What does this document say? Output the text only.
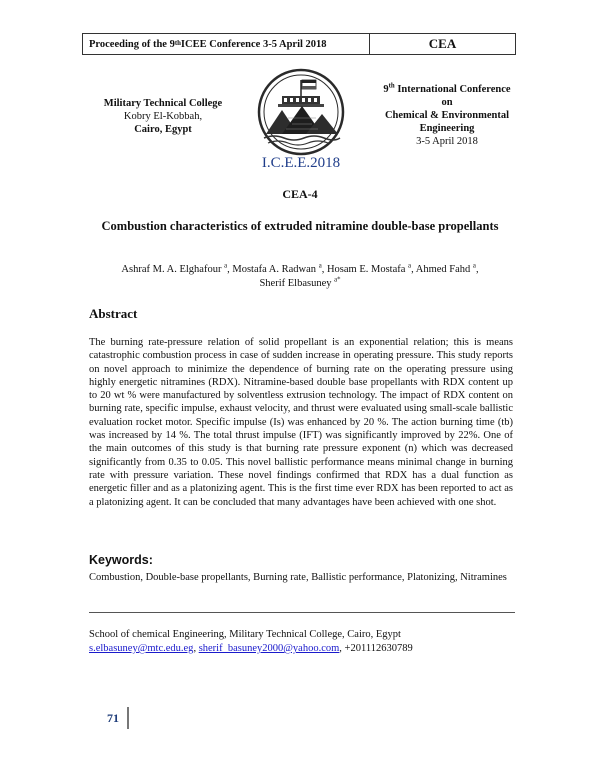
Proceeding of the 9 th ICEE Conference 3-5 April 2018	CEA
Military Technical College
Kobry El-Kobbah,
Cairo, Egypt
I.C.E.E.2018
9th International Conference
on
Chemical & Environmental
Engineering
3-5 April 2018
CEA-4
Combustion characteristics of extruded nitramine double-base propellants
Ashraf M. A. Elghafour $^a$, Mostafa A. Radwan $^a$, Hosam E. Mostafa $^a$, Ahmed Fahd $^a$,
Sherif Elbasuney $^{a*}$
Abstract
The burning rate-pressure relation of solid propellant is an exponential relation; this is means catastrophic combustion process in case of sudden increase in operating pressure. This study reports on novel approach to minimize the dependence of burning rate on the operating pressure using highly energetic nitramines (RDX). Nitramine-based double base propellants with RDX content up to 20 wt % were manufactured by solventless extrusion technology. The impact of RDX content on burning rate, specific impulse, exhaust velocity, and thrust were evaluated using small-scale ballistic evaluation rocket motor. Specific impulse (Is) was enhanced by 20 %. The action burning time (tb) was increased by 14 %. The total thrust impulse (IFT) was significantly improved by 22%. One of the main outcomes of this study is that burning rate pressure exponent (n) which was decreased significantly from 0.35 to 0.05. This novel ballistic performance means minimal change in burning rate with pressure variation. These novel findings confirmed that RDX has a dual function as energetic filler and as a platonizing agent. This is the first time ever RDX has been reported to act as a platonizing agent. It can be concluded that many advantages have been achieved with one shot.
Keywords:
Combustion, Double-base propellants, Burning rate, Ballistic performance, Platonizing, Nitramines
School of chemical Engineering, Military Technical College, Cairo, Egypt
s.elbasuney@mtc.edu.eg, sherif_basuney2000@yahoo.com, +201112630789
71
